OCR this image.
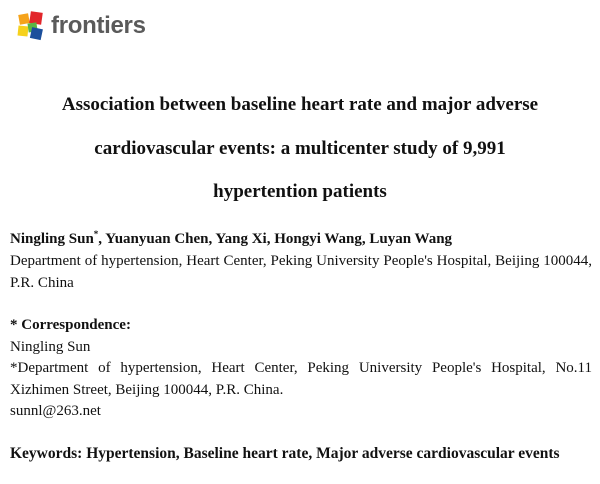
frontiers
Association between baseline heart rate and major adverse
cardiovascular events: a multicenter study of 9,991
hypertention patients
Ningling Sun*, Yuanyuan Chen, Yang Xi, Hongyi Wang, Luyan Wang
Department of hypertension, Heart Center, Peking University People's Hospital, Beijing 100044, P.R. China
* Correspondence:
Ningling Sun
*Department of hypertension, Heart Center, Peking University People's Hospital, No.11 Xizhimen Street, Beijing 100044, P.R. China.
sunnl@263.net
Keywords: Hypertension, Baseline heart rate, Major adverse cardiovascular events
